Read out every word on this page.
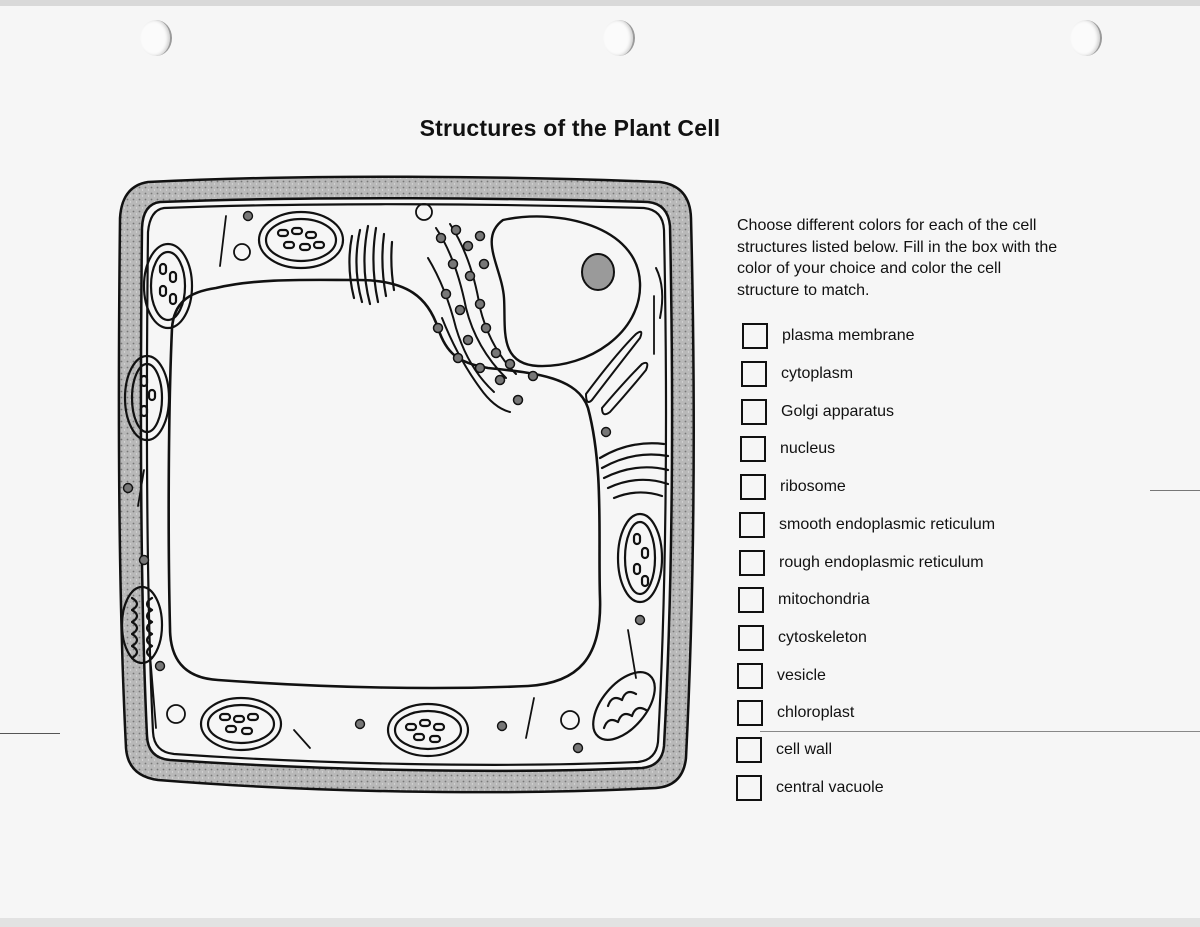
Structures of the Plant Cell
Choose different colors for each of the cell structures listed below. Fill in the box with the color of your choice and color the cell structure to match.
plasma membrane
cytoplasm
Golgi apparatus
nucleus
ribosome
smooth endoplasmic reticulum
rough endoplasmic reticulum
mitochondria
cytoskeleton
vesicle
chloroplast
cell wall
central vacuole
